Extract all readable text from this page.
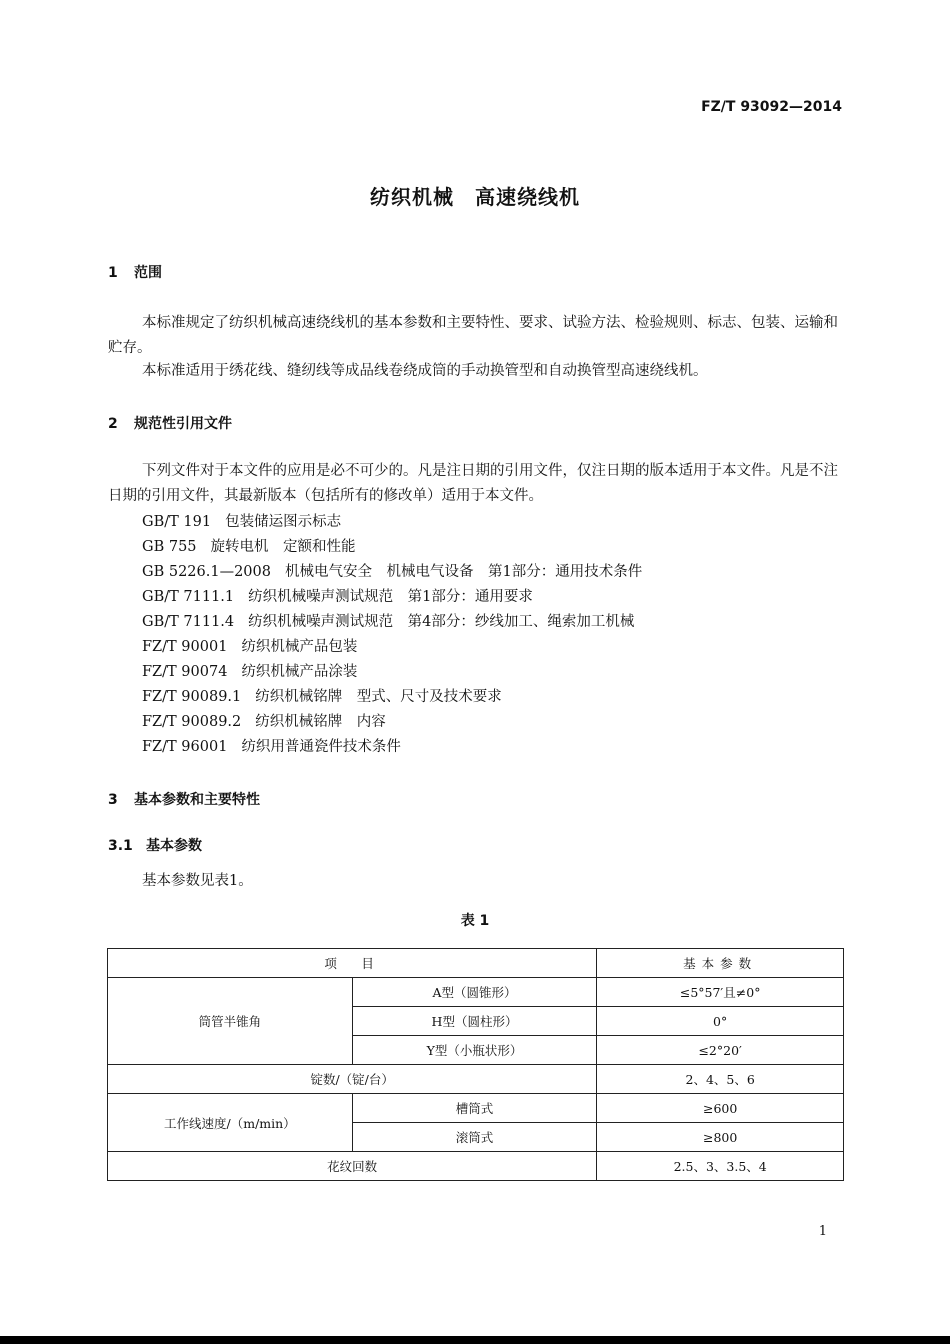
FZ/T 93092—2014
纺织机械　高速绕线机
1 范围
本标准规定了纺织机械高速绕线机的基本参数和主要特性、要求、试验方法、检验规则、标志、包装、运输和贮存。
本标准适用于绣花线、缝纫线等成品线卷绕成筒的手动换管型和自动换管型高速绕线机。
2 规范性引用文件
下列文件对于本文件的应用是必不可少的。凡是注日期的引用文件，仅注日期的版本适用于本文件。凡是不注日期的引用文件，其最新版本（包括所有的修改单）适用于本文件。
GB/T 191 包装储运图示标志
GB 755 旋转电机　定额和性能
GB 5226.1—2008 机械电气安全　机械电气设备　第1部分：通用技术条件
GB/T 7111.1 纺织机械噪声测试规范　第1部分：通用要求
GB/T 7111.4 纺织机械噪声测试规范　第4部分：纱线加工、绳索加工机械
FZ/T 90001 纺织机械产品包装
FZ/T 90074 纺织机械产品涂装
FZ/T 90089.1 纺织机械铭牌　型式、尺寸及技术要求
FZ/T 90089.2 纺织机械铭牌　内容
FZ/T 96001 纺织用普通瓷件技术条件
3 基本参数和主要特性
3.1 基本参数
基本参数见表1。
表 1
项　目		基本参数
筒管半锥角	A型（圆锥形）	≤5°57′且≠0°
	H型（圆柱形）	0°
	Y型（小瓶状形）	≤2°20′
锭数/（锭/台）		2、4、5、6
工作线速度/（m/min）	槽筒式	≥600
	滚筒式	≥800
花纹回数		2.5、3、3.5、4
1
